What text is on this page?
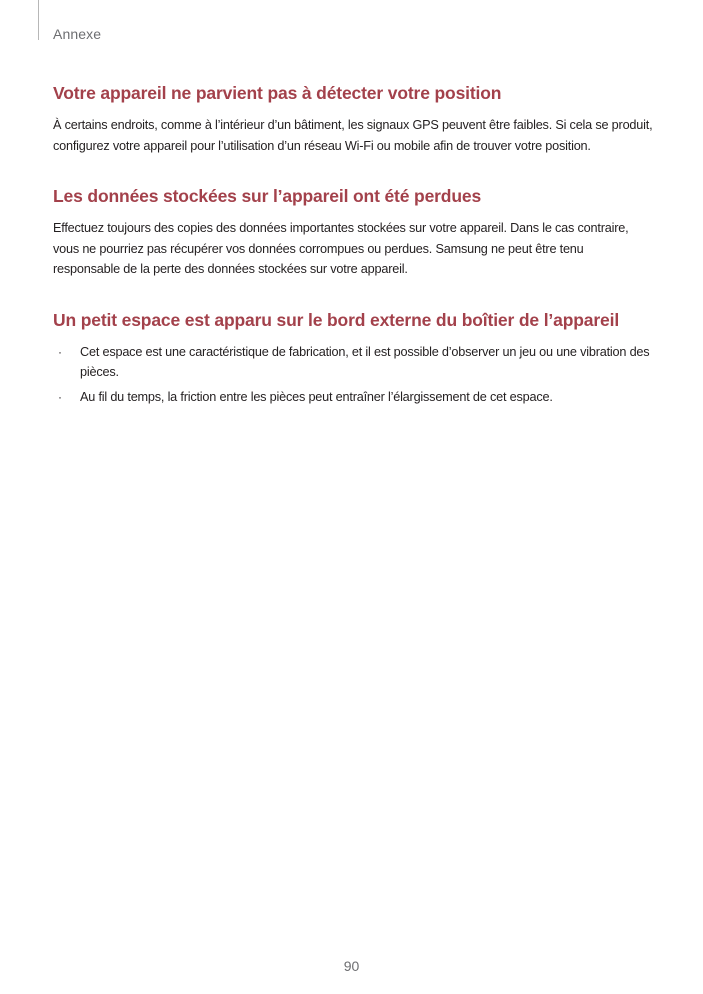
Annexe
Votre appareil ne parvient pas à détecter votre position

À certains endroits, comme à l’intérieur d’un bâtiment, les signaux GPS peuvent être faibles. Si cela se produit, configurez votre appareil pour l’utilisation d’un réseau Wi-Fi ou mobile afin de trouver votre position.

Les données stockées sur l’appareil ont été perdues

Effectuez toujours des copies des données importantes stockées sur votre appareil. Dans le cas contraire, vous ne pourriez pas récupérer vos données corrompues ou perdues. Samsung ne peut être tenu responsable de la perte des données stockées sur votre appareil.

Un petit espace est apparu sur le bord externe du boîtier de l’appareil
· Cet espace est une caractéristique de fabrication, et il est possible d’observer un jeu ou une vibration des pièces.
· Au fil du temps, la friction entre les pièces peut entraîner l’élargissement de cet espace.
90
